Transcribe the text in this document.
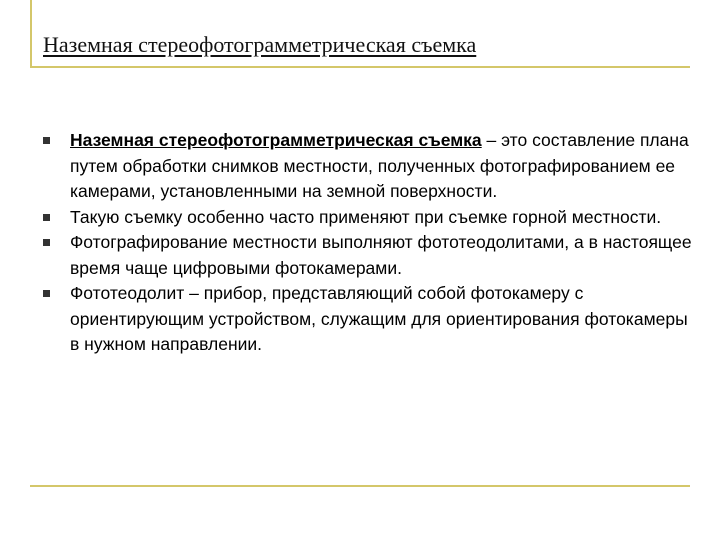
Наземная стереофотограмметрическая съемка
Наземная стереофотограмметрическая съемка – это составление плана путем обработки снимков местности, полученных фотографированием ее камерами, установленными на земной поверхности.
Такую съемку особенно часто применяют при съемке горной местности.
Фотографирование местности выполняют фототеодолитами, а в настоящее время чаще цифровыми фотокамерами.
Фототеодолит – прибор, представляющий собой фотокамеру с ориентирующим устройством, служащим для ориентирования фотокамеры в нужном направлении.
